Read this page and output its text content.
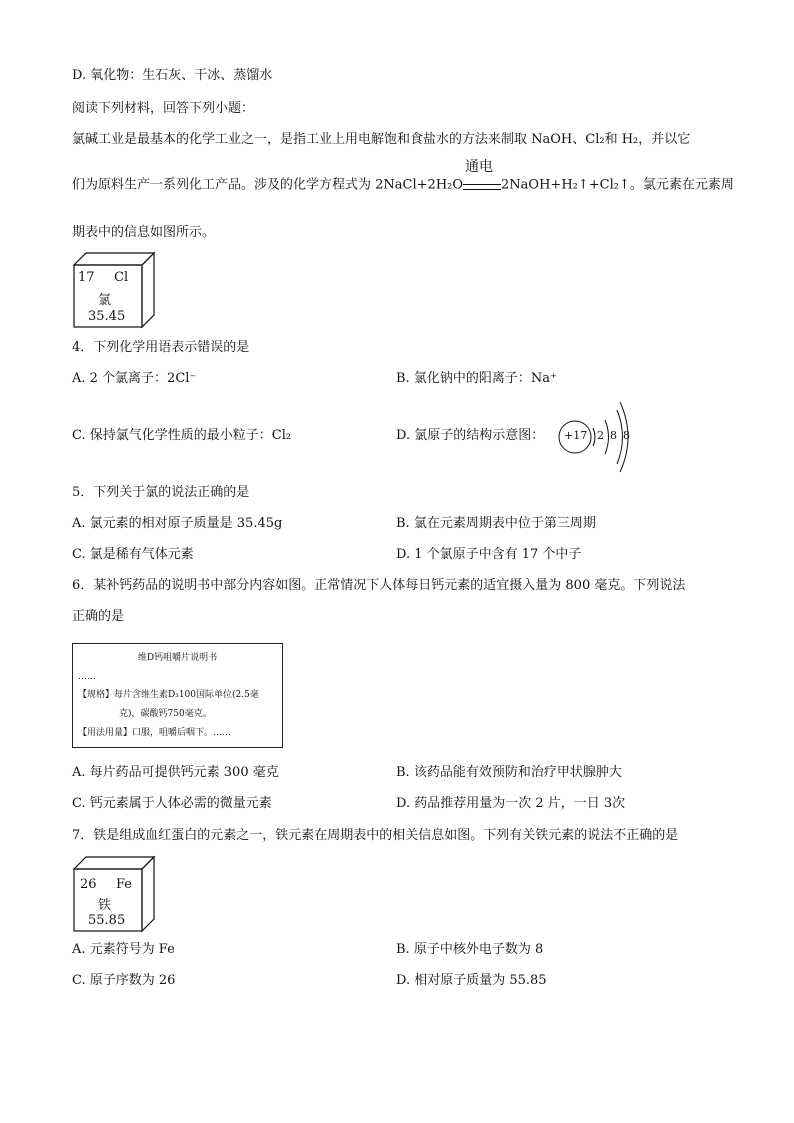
D. 氧化物：生石灰、干冰、蒸馏水
阅读下列材料，回答下列小题：
氯碱工业是最基本的化学工业之一，是指工业上用电解饱和食盐水的方法来制取 NaOH、Cl₂和 H₂，并以它
们为原料生产一系列化工产品。涉及的化学方程式为 2NaCl+2H₂O
通电
2NaOH+H₂↑+Cl₂↑。氯元素在元素周
期表中的信息如图所示。
17 Cl
氯
35.45
4．下列化学用语表示错误的是
A. 2 个氯离子：2Cl⁻	B. 氯化钠中的阳离子：Na⁺
C. 保持氯气化学性质的最小粒子：Cl₂	D. 氯原子的结构示意图： +17 2 8 8
5．下列关于氯的说法正确的是
A. 氯元素的相对原子质量是 35.45g	B. 氯在元素周期表中位于第三周期
C. 氯是稀有气体元素	D. 1 个氯原子中含有 17 个中子
6．某补钙药品的说明书中部分内容如图。正常情况下人体每日钙元素的适宜摄入量为 800 毫克。下列说法
正确的是
维D钙咀嚼片说明书
……
【规格】每片含维生素D₃100国际单位(2.5毫
克)，碳酸钙750毫克。
【用法用量】口服，咀嚼后咽下。……
A. 每片药品可提供钙元素 300 毫克	B. 该药品能有效预防和治疗甲状腺肿大
C. 钙元素属于人体必需的微量元素	D. 药品推荐用量为一次 2 片，一日 3次
7．铁是组成血红蛋白的元素之一，铁元素在周期表中的相关信息如图。下列有关铁元素的说法不正确的是
26 Fe
铁
55.85
A. 元素符号为 Fe	B. 原子中核外电子数为 8
C. 原子序数为 26	D. 相对原子质量为 55.85
